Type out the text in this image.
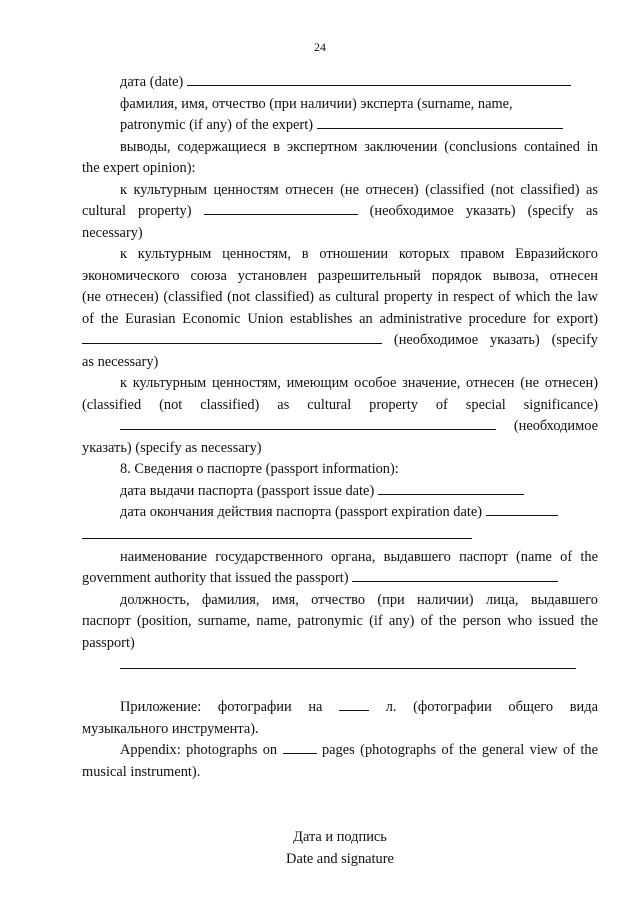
24

дата (date)

фамилия, имя, отчество (при наличии) эксперта (surname, name,

patronymic (if any) of the expert)

выводы, содержащиеся в экспертном заключении (conclusions contained in

the expert opinion):

к культурным ценностям отнесен (не отнесен) (classified (not classified) as

cultural property)	(необходимое указать) (specify as

necessary)

к культурным ценностям, в отношении которых правом Евразийского

экономического союза установлен разрешительный порядок вывоза, отнесен

(не отнесен) (classified (not classified) as cultural property in respect of which the law

of the Eurasian Economic Union establishes an administrative procedure for export)

(необходимое указать) (specify

as necessary)

к культурным ценностям, имеющим особое значение, отнесен (не отнесен)

(classified (not classified) as cultural property of special significance)

(необходимое

указать) (specify as necessary)

8. Сведения о паспорте (passport information):

дата выдачи паспорта (passport issue date)

дата окончания действия паспорта (passport expiration date)

наименование государственного органа, выдавшего паспорт (name of the

government authority that issued the passport)

должность, фамилия, имя, отчество (при наличии) лица, выдавшего

паспорт (position, surname, name, patronymic (if any) of the person who issued the

passport)

Приложение: фотографии на	л. (фотографии общего вида

музыкального инструмента).

Appendix: photographs on	pages (photographs of the general view of the

musical instrument).

Дата и подпись

Date and signature
